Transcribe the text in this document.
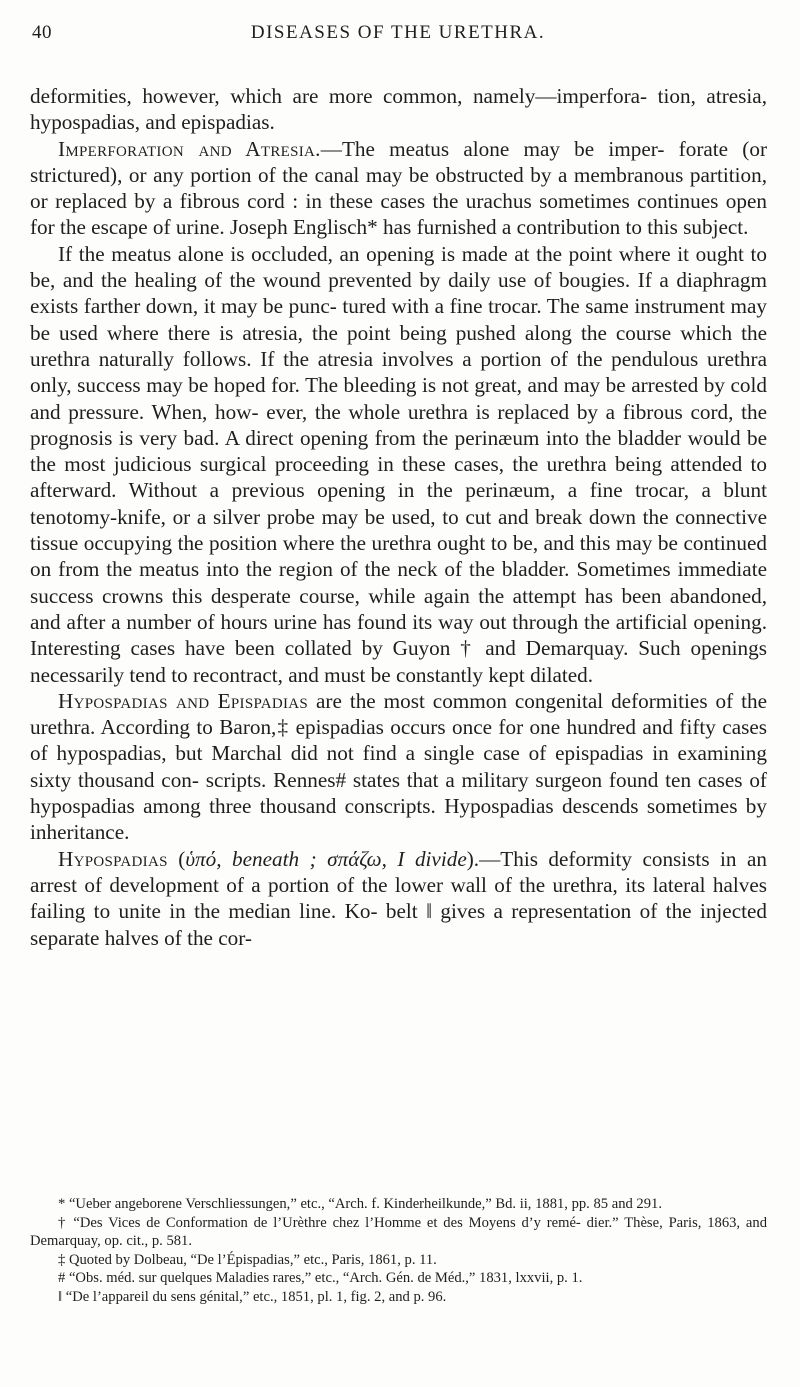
40	DISEASES OF THE URETHRA.

deformities, however, which are more common, namely—imperfora- tion, atresia, hypospadias, and epispadias.

Imperforation and Atresia.—The meatus alone may be imper- forate (or strictured), or any portion of the canal may be obstructed by a membranous partition, or replaced by a fibrous cord : in these cases the urachus sometimes continues open for the escape of urine. Joseph Englisch* has furnished a contribution to this subject.

If the meatus alone is occluded, an opening is made at the point where it ought to be, and the healing of the wound prevented by daily use of bougies. If a diaphragm exists farther down, it may be punc- tured with a fine trocar. The same instrument may be used where there is atresia, the point being pushed along the course which the urethra naturally follows. If the atresia involves a portion of the pendulous urethra only, success may be hoped for. The bleeding is not great, and may be arrested by cold and pressure. When, how- ever, the whole urethra is replaced by a fibrous cord, the prognosis is very bad. A direct opening from the perinæum into the bladder would be the most judicious surgical proceeding in these cases, the urethra being attended to afterward. Without a previous opening in the perinæum, a fine trocar, a blunt tenotomy-knife, or a silver probe may be used, to cut and break down the connective tissue occupying the position where the urethra ought to be, and this may be continued on from the meatus into the region of the neck of the bladder. Sometimes immediate success crowns this desperate course, while again the attempt has been abandoned, and after a number of hours urine has found its way out through the artificial opening. Interesting cases have been collated by Guyon † and Demarquay. Such openings necessarily tend to recontract, and must be constantly kept dilated.

Hypospadias and Epispadias are the most common congenital deformities of the urethra. According to Baron,‡ epispadias occurs once for one hundred and fifty cases of hypospadias, but Marchal did not find a single case of epispadias in examining sixty thousand con- scripts. Rennes# states that a military surgeon found ten cases of hypospadias among three thousand conscripts. Hypospadias descends sometimes by inheritance.

Hypospadias (ὑπό, beneath ; σπάζω, I divide).—This deformity consists in an arrest of development of a portion of the lower wall of the urethra, its lateral halves failing to unite in the median line. Ko- belt ‖ gives a representation of the injected separate halves of the cor-

* “Ueber angeborene Verschliessungen,” etc., “Arch. f. Kinderheilkunde,” Bd. ii, 1881, pp. 85 and 291.

† “Des Vices de Conformation de l’Urèthre chez l’Homme et des Moyens d’y remé- dier.” Thèse, Paris, 1863, and Demarquay, op. cit., p. 581.

‡ Quoted by Dolbeau, “De l’Épispadias,” etc., Paris, 1861, p. 11.

# “Obs. méd. sur quelques Maladies rares,” etc., “Arch. Gén. de Méd.,” 1831, lxxvii, p. 1.

‖ “De l’appareil du sens génital,” etc., 1851, pl. 1, fig. 2, and p. 96.
